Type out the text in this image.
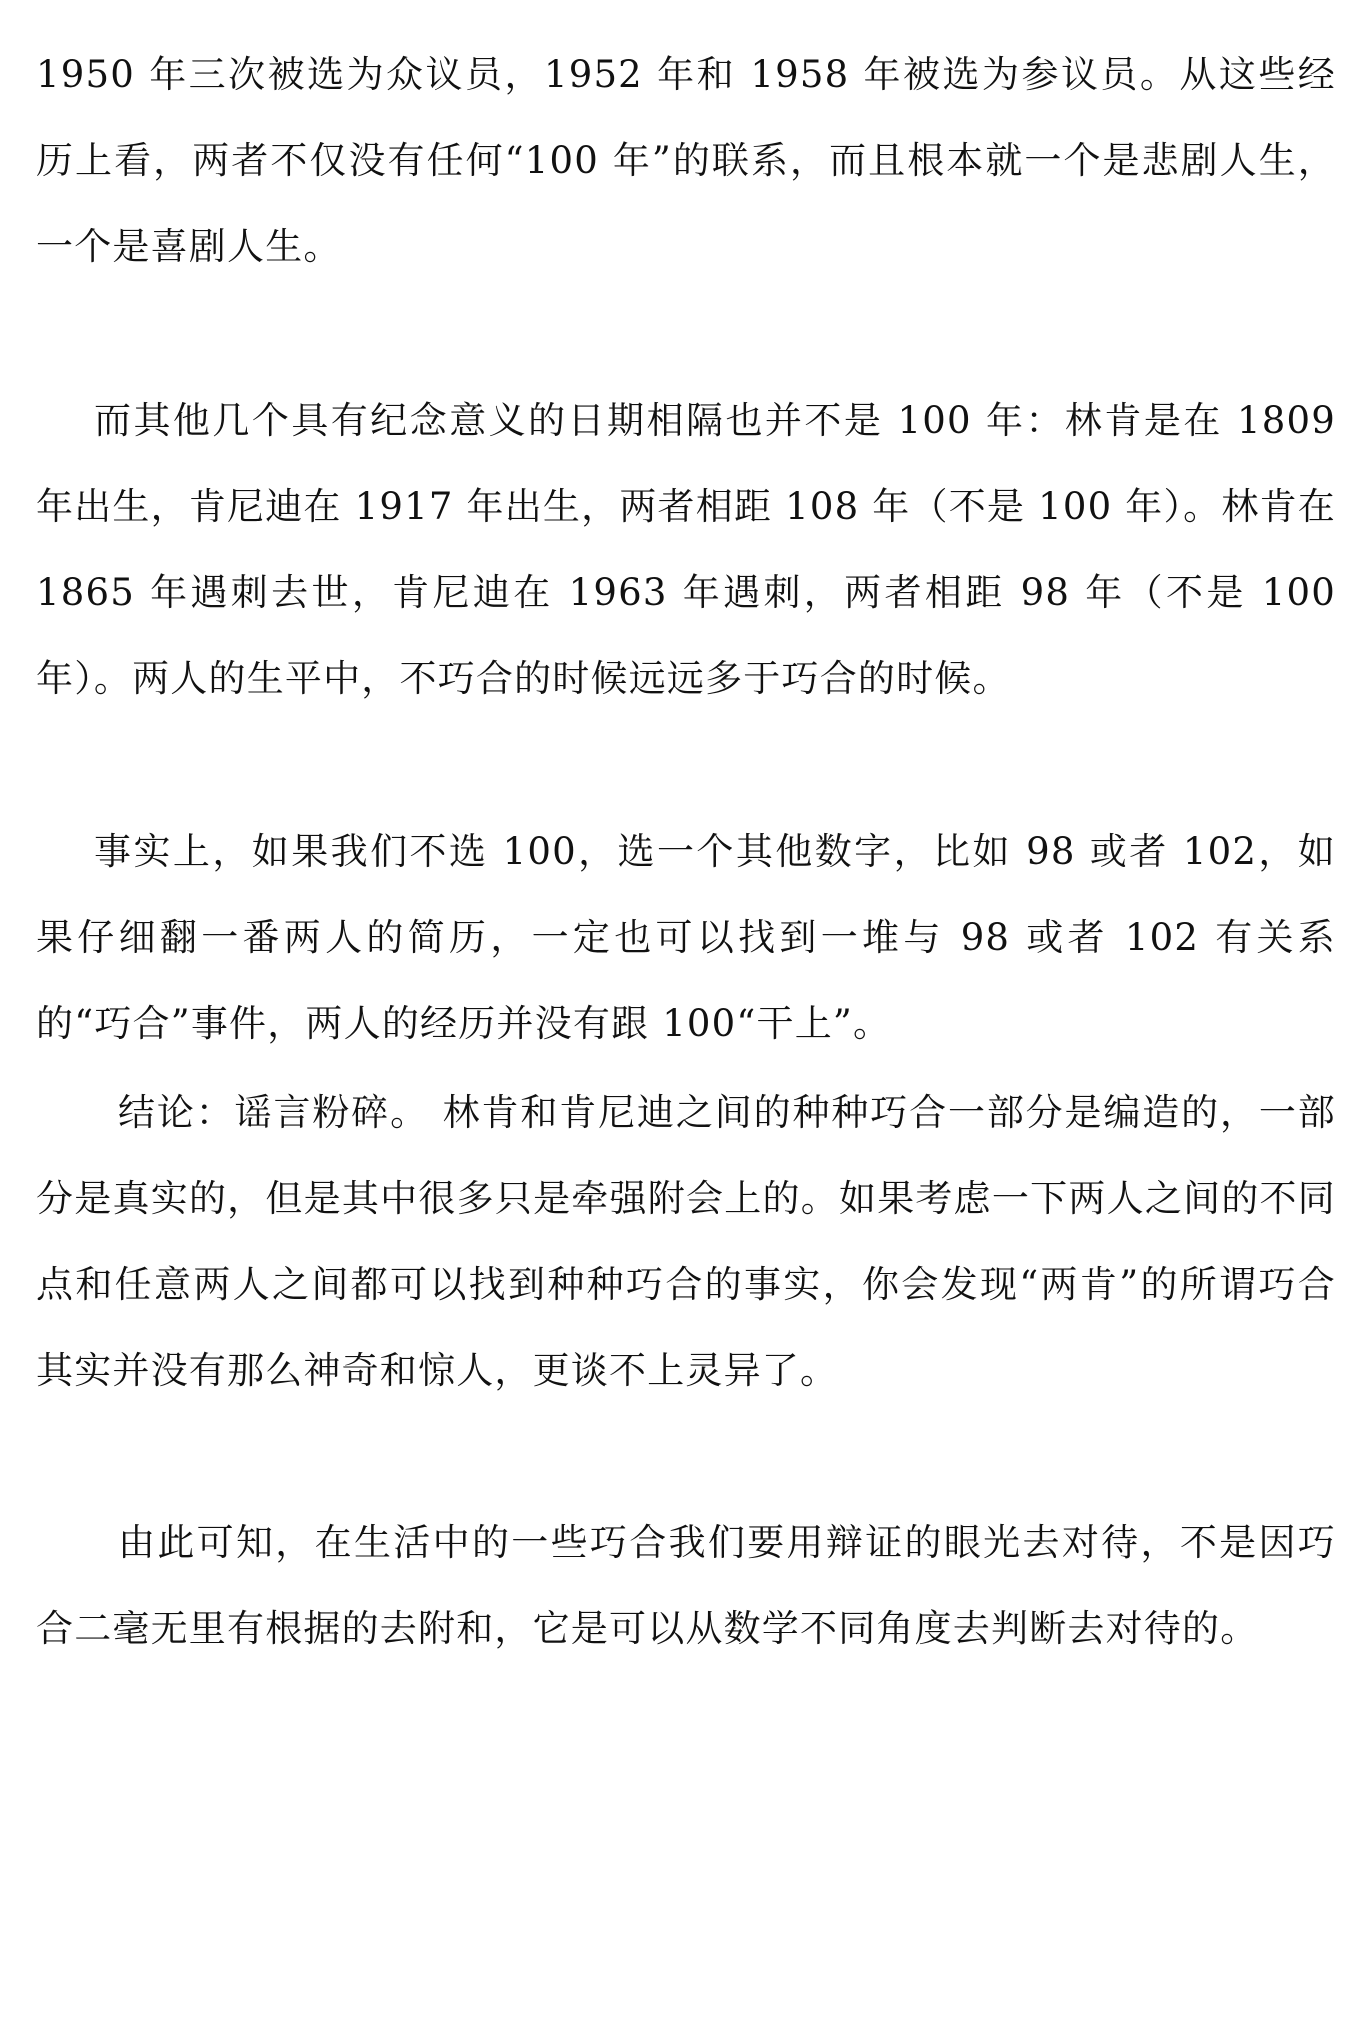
1950 年三次被选为众议员，1952 年和 1958 年被选为参议员。从这些经历上看，两者不仅没有任何“100 年”的联系，而且根本就一个是悲剧人生，一个是喜剧人生。

而其他几个具有纪念意义的日期相隔也并不是 100 年：林肯是在 1809 年出生，肯尼迪在 1917 年出生，两者相距 108 年（不是 100 年）。林肯在 1865 年遇刺去世，肯尼迪在 1963 年遇刺，两者相距 98 年（不是 100 年）。两人的生平中，不巧合的时候远远多于巧合的时候。

事实上，如果我们不选 100，选一个其他数字，比如 98 或者 102，如果仔细翻一番两人的简历，一定也可以找到一堆与 98 或者 102 有关系的“巧合”事件，两人的经历并没有跟 100“干上”。

结论：谣言粉碎。 林肯和肯尼迪之间的种种巧合一部分是编造的，一部分是真实的，但是其中很多只是牵强附会上的。如果考虑一下两人之间的不同点和任意两人之间都可以找到种种巧合的事实，你会发现“两肯”的所谓巧合其实并没有那么神奇和惊人，更谈不上灵异了。

由此可知，在生活中的一些巧合我们要用辩证的眼光去对待，不是因巧合二毫无里有根据的去附和，它是可以从数学不同角度去判断去对待的。
